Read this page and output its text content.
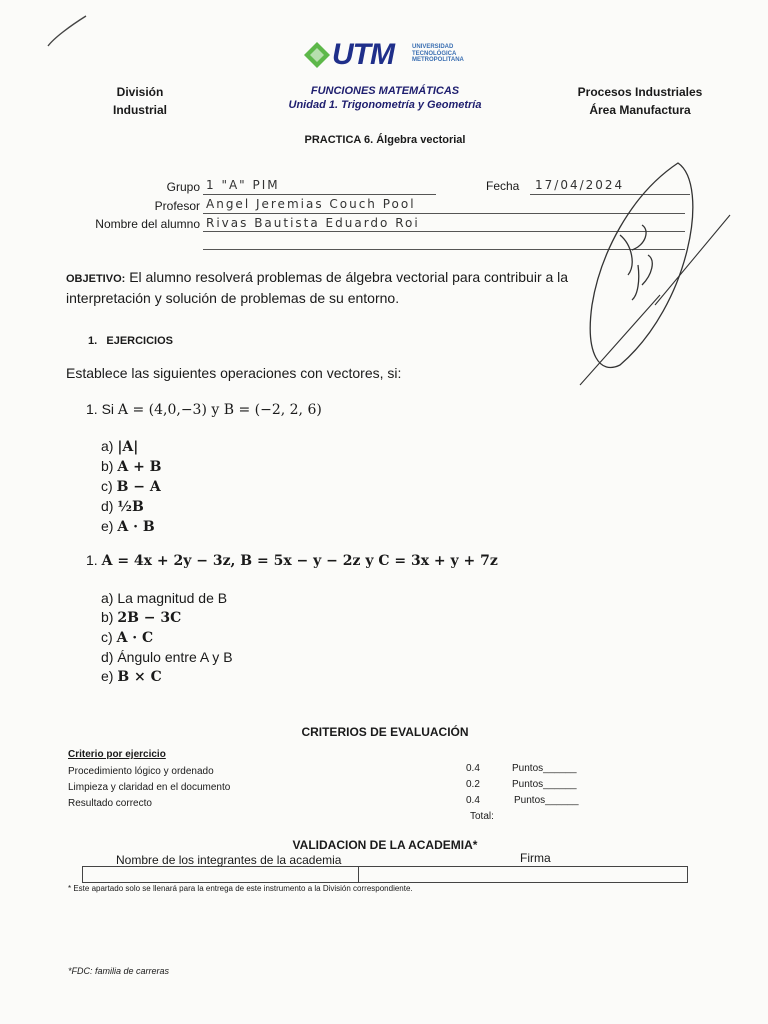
UTM	UNIVERSIDAD
TECNOLÓGICA
METROPOLITANA
División
Industrial
FUNCIONES MATEMÁTICAS
Unidad 1. Trigonometría y Geometría
Procesos Industriales
Área Manufactura
PRACTICA 6. Álgebra vectorial
Grupo 1 "A" PIM	Fecha 17/04/2024
Profesor Angel Jeremias Couch Pool
Nombre del alumno Rivas Bautista Eduardo Roi
OBJETIVO: El alumno resolverá problemas de álgebra vectorial para contribuir a la
interpretación y solución de problemas de su entorno.
1. EJERCICIOS
Establece las siguientes operaciones con vectores, si:
1. Si A = (4,0,−3) y B = (−2, 2, 6)
a) |A|
b) A + B
c) B − A
d) ½B
e) A · B
1. A = 4x + 2y − 3z, B = 5x − y − 2z y C = 3x + y + 7z
a) La magnitud de B
b) 2B − 3C
c) A · C
d) Ángulo entre A y B
e) B × C
CRITERIOS DE EVALUACIÓN
Criterio por ejercicio
Procedimiento lógico y ordenado	0.4	Puntos______
Limpieza y claridad en el documento	0.2	Puntos______
Resultado correcto	0.4	Puntos______
Total:
VALIDACION DE LA ACADEMIA*
Nombre de los integrantes de la academia	Firma
* Este apartado solo se llenará para la entrega de este instrumento a la División correspondiente.
*FDC: familia de carreras
